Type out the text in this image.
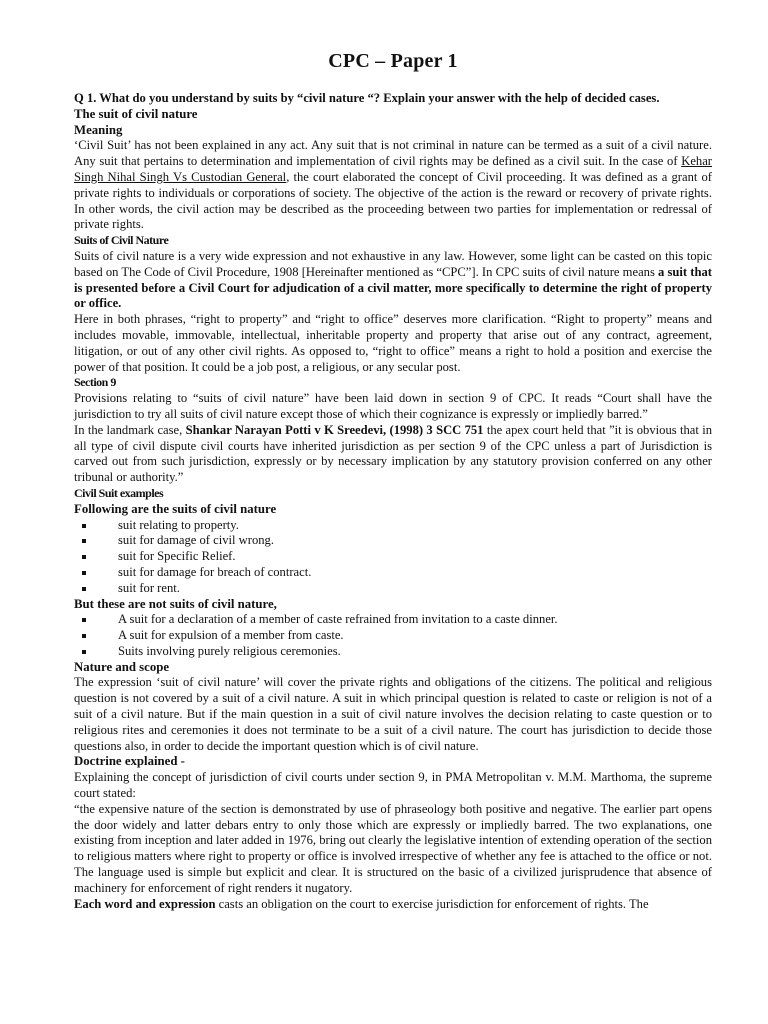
CPC – Paper 1

Q 1. What do you understand by suits by “civil nature “? Explain your answer with the help of decided cases.

The suit of civil nature

Meaning

‘Civil Suit’ has not been explained in any act. Any suit that is not criminal in nature can be termed as a suit of a civil nature. Any suit that pertains to determination and implementation of civil rights may be defined as a civil suit. In the case of Kehar Singh Nihal Singh Vs Custodian General, the court elaborated the concept of Civil proceeding. It was defined as a grant of private rights to individuals or corporations of society. The objective of the action is the reward or recovery of private rights. In other words, the civil action may be described as the proceeding between two parties for implementation or redressal of private rights.

Suits of Civil Nature

Suits of civil nature is a very wide expression and not exhaustive in any law. However, some light can be casted on this topic based on The Code of Civil Procedure, 1908 [Hereinafter mentioned as “CPC”]. In CPC suits of civil nature means a suit that is presented before a Civil Court for adjudication of a civil matter, more specifically to determine the right of property or office.

Here in both phrases, “right to property” and “right to office” deserves more clarification. “Right to property” means and includes movable, immovable, intellectual, inheritable property and property that arise out of any contract, agreement, litigation, or out of any other civil rights. As opposed to, “right to office” means a right to hold a position and exercise the power of that position. It could be a job post, a religious, or any secular post.

Section 9

Provisions relating to “suits of civil nature” have been laid down in section 9 of CPC. It reads “Court shall have the jurisdiction to try all suits of civil nature except those of which their cognizance is expressly or impliedly barred.”

In the landmark case, Shankar Narayan Potti v K Sreedevi, (1998) 3 SCC 751 the apex court held that ”it is obvious that in all type of civil dispute civil courts have inherited jurisdiction as per section 9 of the CPC unless a part of Jurisdiction is carved out from such jurisdiction, expressly or by necessary implication by any statutory provision conferred on any other tribunal or authority.”

Civil Suit examples

Following are the suits of civil nature

suit relating to property.
suit for damage of civil wrong.
suit for Specific Relief.
suit for damage for breach of contract.
suit for rent.

But these are not suits of civil nature,

A suit for a declaration of a member of caste refrained from invitation to a caste dinner.
A suit for expulsion of a member from caste.
Suits involving purely religious ceremonies.

Nature and scope

The expression ‘suit of civil nature’ will cover the private rights and obligations of the citizens. The political and religious question is not covered by a suit of a civil nature. A suit in which principal question is related to caste or religion is not of a suit of a civil nature. But if the main question in a suit of civil nature involves the decision relating to caste question or to religious rites and ceremonies it does not terminate to be a suit of a civil nature. The court has jurisdiction to decide those questions also, in order to decide the important question which is of civil nature.

Doctrine explained -

Explaining the concept of jurisdiction of civil courts under section 9, in PMA Metropolitan v. M.M. Marthoma, the supreme court stated:

“the expensive nature of the section is demonstrated by use of phraseology both positive and negative. The earlier part opens the door widely and latter debars entry to only those which are expressly or impliedly barred. The two explanations, one existing from inception and later added in 1976, bring out clearly the legislative intention of extending operation of the section to religious matters where right to property or office is involved irrespective of whether any fee is attached to the office or not. The language used is simple but explicit and clear. It is structured on the basic of a civilized jurisprudence that absence of machinery for enforcement of right renders it nugatory.

Each word and expression casts an obligation on the court to exercise jurisdiction for enforcement of rights. The
